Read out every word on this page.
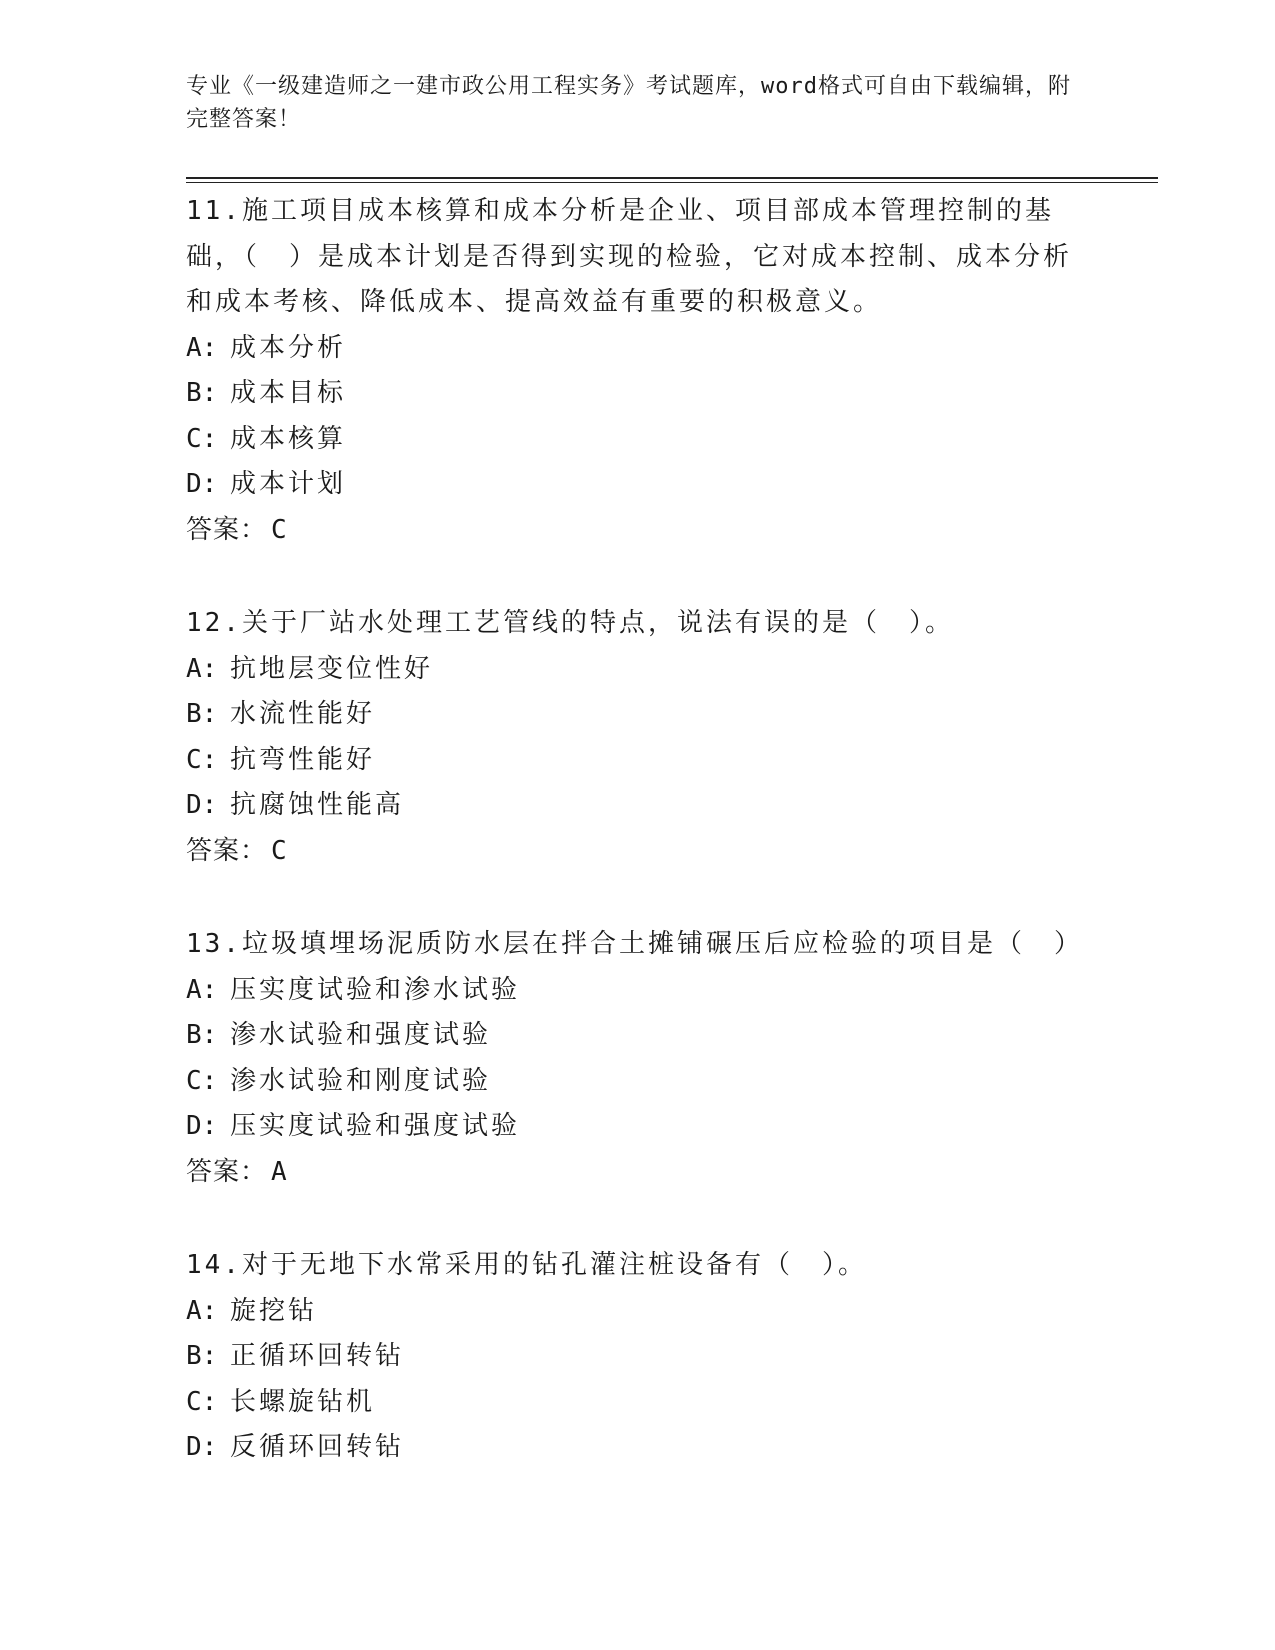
专业《一级建造师之一建市政公用工程实务》考试题库，word格式可自由下载编辑，附完整答案！
11.施工项目成本核算和成本分析是企业、项目部成本管理控制的基础，（　）是成本计划是否得到实现的检验，它对成本控制、成本分析和成本考核、降低成本、提高效益有重要的积极意义。
A: 成本分析
B: 成本目标
C: 成本核算
D: 成本计划
答案： C
12.关于厂站水处理工艺管线的特点，说法有误的是（　）。
A: 抗地层变位性好
B: 水流性能好
C: 抗弯性能好
D: 抗腐蚀性能高
答案： C
13.垃圾填埋场泥质防水层在拌合土摊铺碾压后应检验的项目是（　）
A: 压实度试验和渗水试验
B: 渗水试验和强度试验
C: 渗水试验和刚度试验
D: 压实度试验和强度试验
答案： A
14.对于无地下水常采用的钻孔灌注桩设备有（　）。
A: 旋挖钻
B: 正循环回转钻
C: 长螺旋钻机
D: 反循环回转钻
